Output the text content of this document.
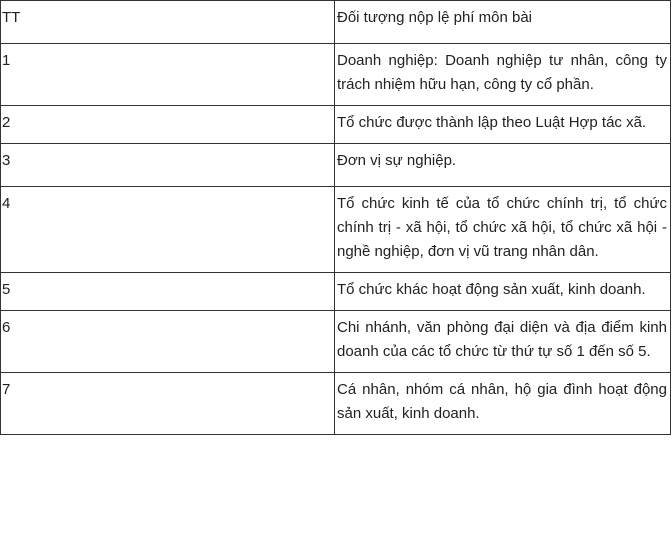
TT	Đối tượng nộp lệ phí môn bài
1	Doanh nghiệp: Doanh nghiệp tư nhân, công ty trách nhiệm hữu hạn, công ty cổ phần.
2	Tổ chức được thành lập theo Luật Hợp tác xã.
3	Đơn vị sự nghiệp.
4	Tổ chức kinh tế của tổ chức chính trị, tổ chức chính trị - xã hội, tổ chức xã hội, tổ chức xã hội - nghề nghiệp, đơn vị vũ trang nhân dân.
5	Tổ chức khác hoạt động sản xuất, kinh doanh.
6	Chi nhánh, văn phòng đại diện và địa điểm kinh doanh của các tổ chức từ thứ tự số 1 đến số 5.
7	Cá nhân, nhóm cá nhân, hộ gia đình hoạt động sản xuất, kinh doanh.
